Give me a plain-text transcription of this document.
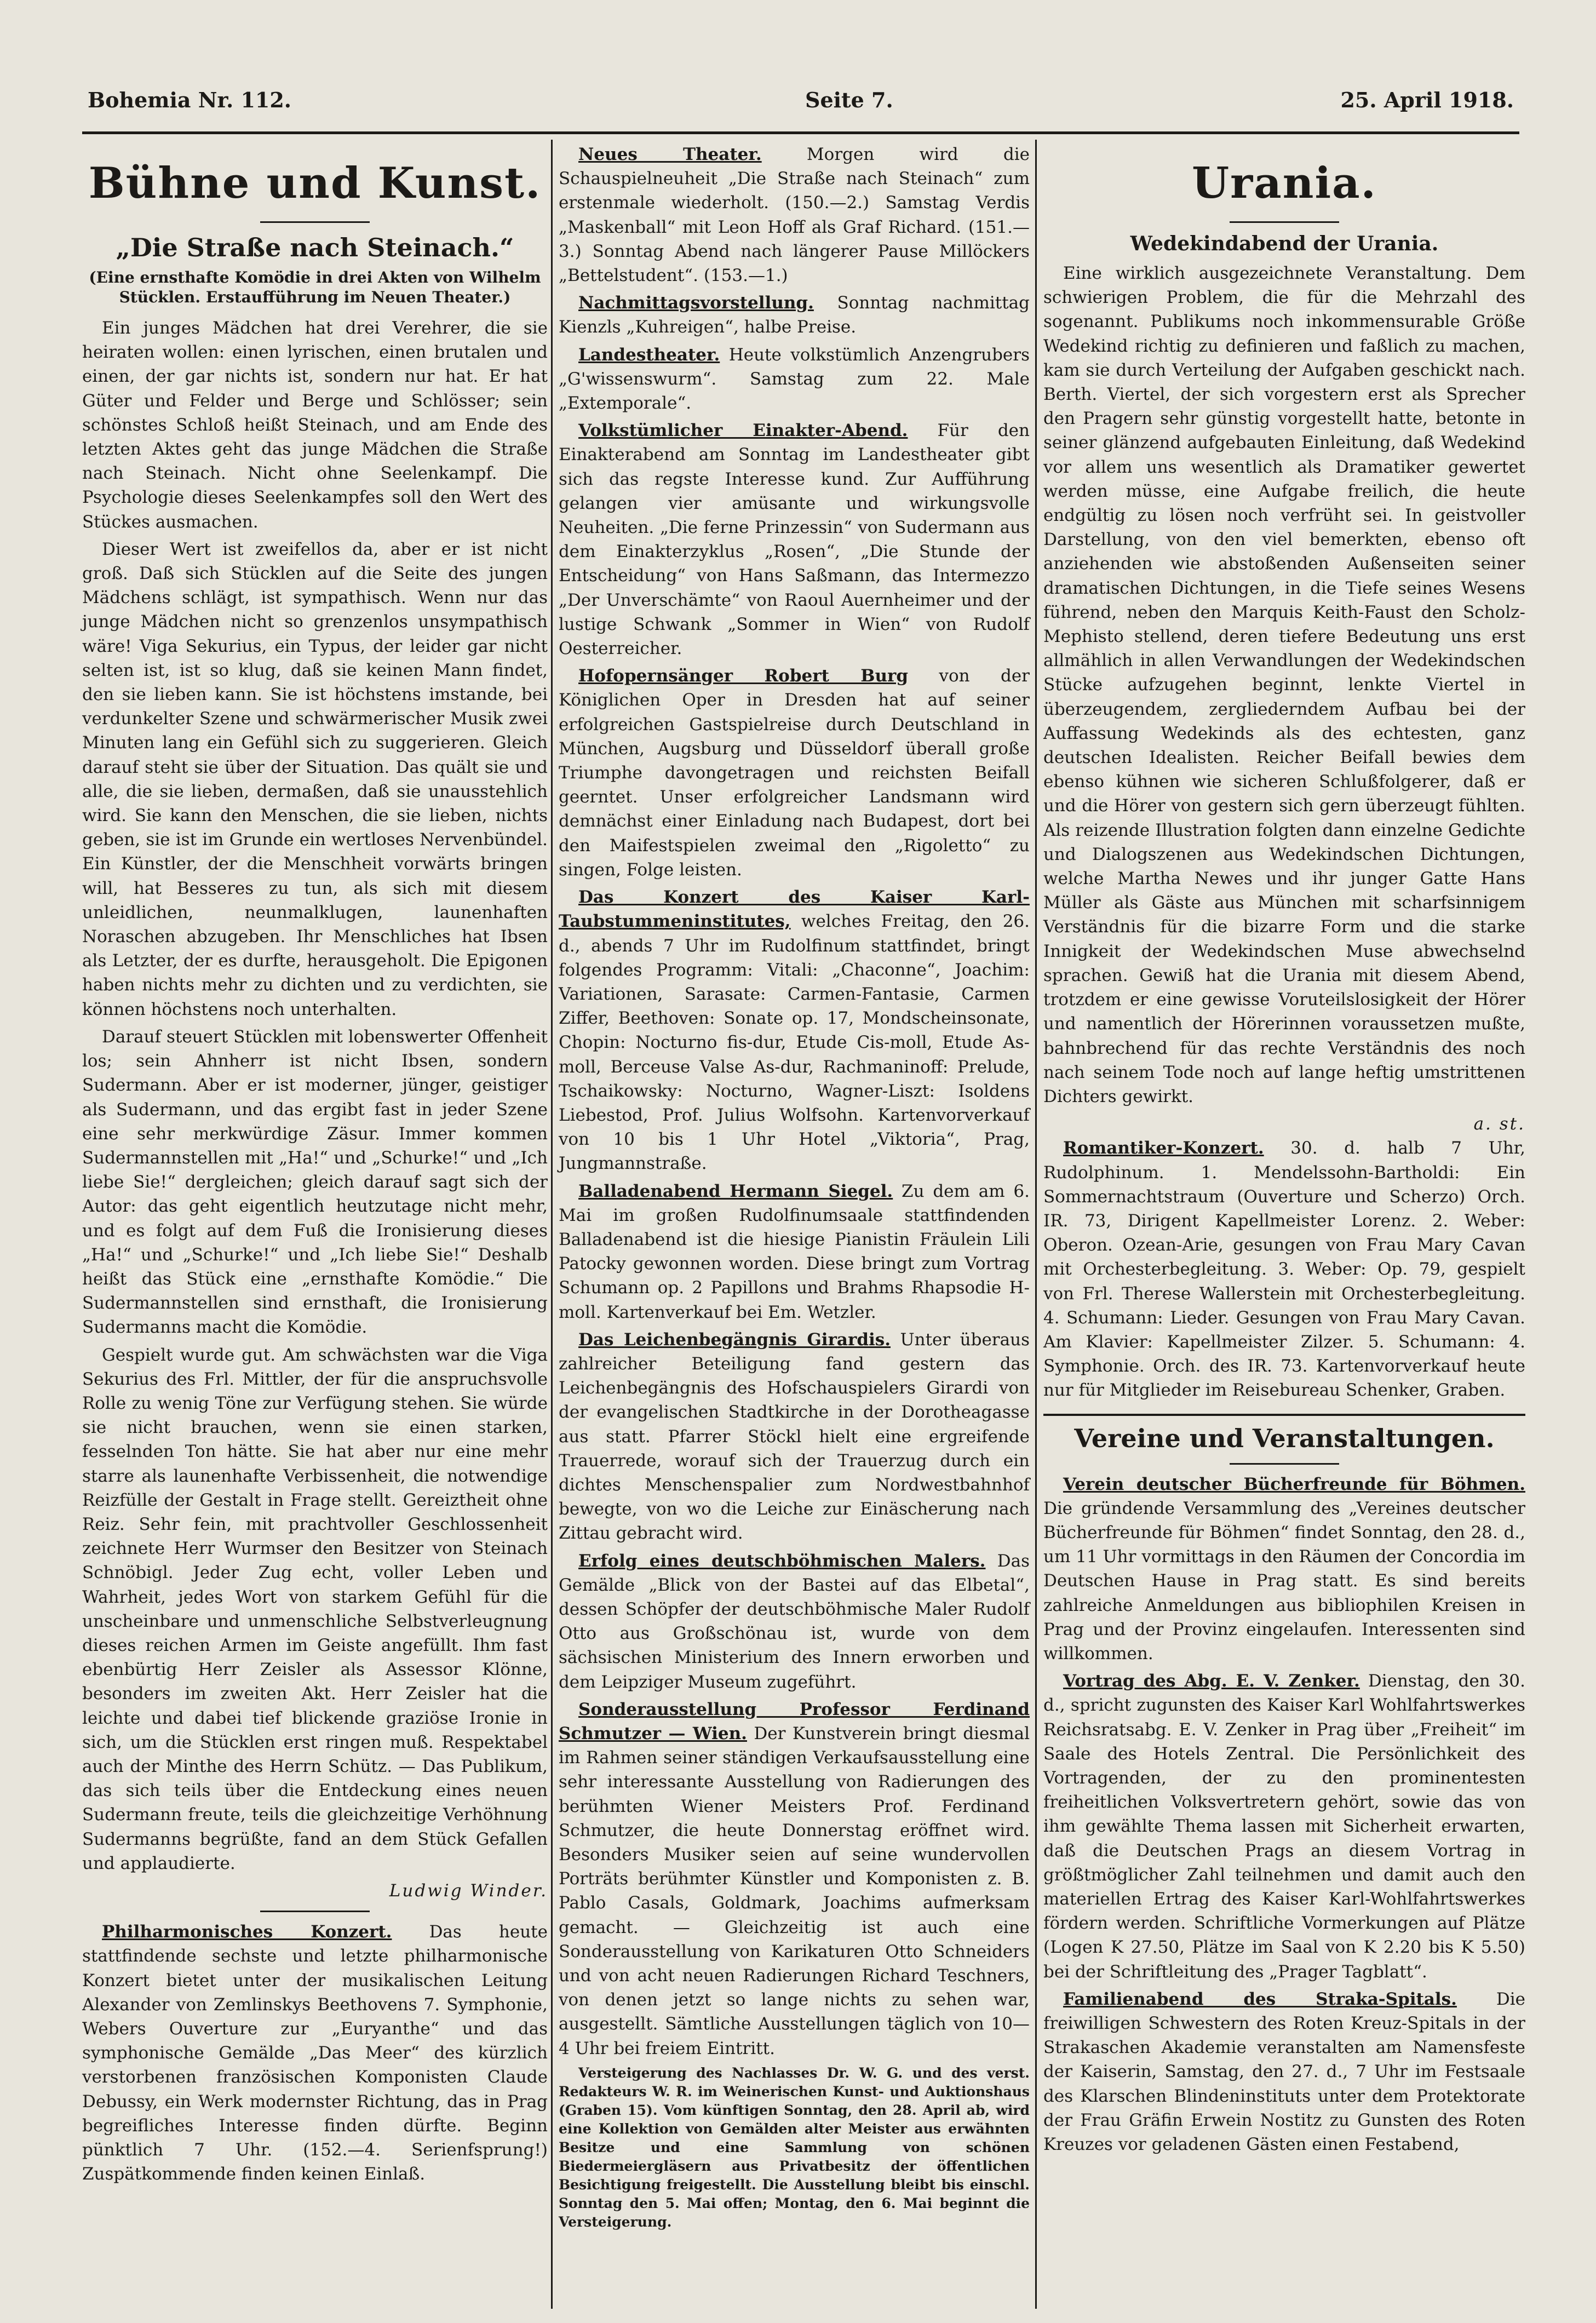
Bohemia Nr. 112.	Seite 7.	25. April 1918.
Bühne und Kunst.
„Die Straße nach Steinach.“
(Eine ernsthafte Komödie in drei Akten von Wilhelm Stücklen. Erstaufführung im Neuen Theater.)

Ein junges Mädchen hat drei Verehrer, die sie heiraten wollen: einen lyrischen, einen brutalen und einen, der gar nichts ist, sondern nur hat. Er hat Güter und Felder und Berge und Schlösser; sein schönstes Schloß heißt Steinach, und am Ende des letzten Aktes geht das junge Mädchen die Straße nach Steinach. Nicht ohne Seelenkampf. Die Psychologie dieses Seelenkampfes soll den Wert des Stückes ausmachen.

Dieser Wert ist zweifellos da, aber er ist nicht groß. Daß sich Stücklen auf die Seite des jungen Mädchens schlägt, ist sympathisch. Wenn nur das junge Mädchen nicht so grenzenlos unsympathisch wäre! Viga Sekurius, ein Typus, der leider gar nicht selten ist, ist so klug, daß sie keinen Mann findet, den sie lieben kann. Sie ist höchstens imstande, bei verdunkelter Szene und schwärmerischer Musik zwei Minuten lang ein Gefühl sich zu suggerieren. Gleich darauf steht sie über der Situation. Das quält sie und alle, die sie lieben, dermaßen, daß sie unausstehlich wird. Sie kann den Menschen, die sie lieben, nichts geben, sie ist im Grunde ein wertloses Nervenbündel. Ein Künstler, der die Menschheit vorwärts bringen will, hat Besseres zu tun, als sich mit diesem unleidlichen, neunmalklugen, launenhaften Noraschen abzugeben. Ihr Menschliches hat Ibsen als Letzter, der es durfte, herausgeholt. Die Epigonen haben nichts mehr zu dichten und zu verdichten, sie können höchstens noch unterhalten.

Darauf steuert Stücklen mit lobenswerter Offenheit los; sein Ahnherr ist nicht Ibsen, sondern Sudermann. Aber er ist moderner, jünger, geistiger als Sudermann, und das ergibt fast in jeder Szene eine sehr merkwürdige Zäsur. Immer kommen Sudermannstellen mit „Ha!“ und „Schurke!“ und „Ich liebe Sie!“ dergleichen; gleich darauf sagt sich der Autor: das geht eigentlich heutzutage nicht mehr, und es folgt auf dem Fuß die Ironisierung dieses „Ha!“ und „Schurke!“ und „Ich liebe Sie!“ Deshalb heißt das Stück eine „ernsthafte Komödie.“ Die Sudermannstellen sind ernsthaft, die Ironisierung Sudermanns macht die Komödie.

Gespielt wurde gut. Am schwächsten war die Viga Sekurius des Frl. Mittler, der für die anspruchsvolle Rolle zu wenig Töne zur Verfügung stehen. Sie würde sie nicht brauchen, wenn sie einen starken, fesselnden Ton hätte. Sie hat aber nur eine mehr starre als launenhafte Verbissenheit, die notwendige Reizfülle der Gestalt in Frage stellt. Gereiztheit ohne Reiz. Sehr fein, mit prachtvoller Geschlossenheit zeichnete Herr Wurmser den Besitzer von Steinach Schnöbigl. Jeder Zug echt, voller Leben und Wahrheit, jedes Wort von starkem Gefühl für die unscheinbare und unmenschliche Selbstverleugnung dieses reichen Armen im Geiste angefüllt. Ihm fast ebenbürtig Herr Zeisler als Assessor Klönne, besonders im zweiten Akt. Herr Zeisler hat die leichte und dabei tief blickende graziöse Ironie in sich, um die Stücklen erst ringen muß. Respektabel auch der Minthe des Herrn Schütz. — Das Publikum, das sich teils über die Entdeckung eines neuen Sudermann freute, teils die gleichzeitige Verhöhnung Sudermanns begrüßte, fand an dem Stück Gefallen und applaudierte.

Ludwig Winder.

Philharmonisches Konzert. Das heute stattfindende sechste und letzte philharmonische Konzert bietet unter der musikalischen Leitung Alexander von Zemlinskys Beethovens 7. Symphonie, Webers Ouverture zur „Euryanthe“ und das symphonische Gemälde „Das Meer“ des kürzlich verstorbenen französischen Komponisten Claude Debussy, ein Werk modernster Richtung, das in Prag begreifliches Interesse finden dürfte. Beginn pünktlich 7 Uhr. (152.—4. Serienfsprung!) Zuspätkommende finden keinen Einlaß.

Neues Theater. Morgen wird die Schauspielneuheit „Die Straße nach Steinach“ zum erstenmale wiederholt. (150.—2.) Samstag Verdis „Maskenball“ mit Leon Hoff als Graf Richard. (151.—3.) Sonntag Abend nach längerer Pause Millöckers „Bettelstudent“. (153.—1.)

Nachmittagsvorstellung. Sonntag nachmittag Kienzls „Kuhreigen“, halbe Preise.

Landestheater. Heute volkstümlich Anzengrubers „G'wissenswurm“. Samstag zum 22. Male „Extemporale“.

Volkstümlicher Einakter-Abend. Für den Einakterabend am Sonntag im Landestheater gibt sich das regste Interesse kund. Zur Aufführung gelangen vier amüsante und wirkungsvolle Neuheiten. „Die ferne Prinzessin“ von Sudermann aus dem Einakterzyklus „Rosen“, „Die Stunde der Entscheidung“ von Hans Saßmann, das Intermezzo „Der Unverschämte“ von Raoul Auernheimer und der lustige Schwank „Sommer in Wien“ von Rudolf Oesterreicher.

Hofopernsänger Robert Burg von der Königlichen Oper in Dresden hat auf seiner erfolgreichen Gastspielreise durch Deutschland in München, Augsburg und Düsseldorf überall große Triumphe davongetragen und reichsten Beifall geerntet. Unser erfolgreicher Landsmann wird demnächst einer Einladung nach Budapest, dort bei den Maifestspielen zweimal den „Rigoletto“ zu singen, Folge leisten.

Das Konzert des Kaiser Karl-Taubstummeninstitutes, welches Freitag, den 26. d., abends 7 Uhr im Rudolfinum stattfindet, bringt folgendes Programm: Vitali: „Chaconne“, Joachim: Variationen, Sarasate: Carmen-Fantasie, Carmen Ziffer, Beethoven: Sonate op. 17, Mondscheinsonate, Chopin: Nocturno fis-dur, Etude Cis-moll, Etude As-moll, Berceuse Valse As-dur, Rachmaninoff: Prelude, Tschaikowsky: Nocturno, Wagner-Liszt: Isoldens Liebestod, Prof. Julius Wolfsohn. Kartenvorverkauf von 10 bis 1 Uhr Hotel „Viktoria“, Prag, Jungmannstraße.

Balladenabend Hermann Siegel. Zu dem am 6. Mai im großen Rudolfinumsaale stattfindenden Balladenabend ist die hiesige Pianistin Fräulein Lili Patocky gewonnen worden. Diese bringt zum Vortrag Schumann op. 2 Papillons und Brahms Rhapsodie H-moll. Kartenverkauf bei Em. Wetzler.

Das Leichenbegängnis Girardis. Unter überaus zahlreicher Beteiligung fand gestern das Leichenbegängnis des Hofschauspielers Girardi von der evangelischen Stadtkirche in der Dorotheagasse aus statt. Pfarrer Stöckl hielt eine ergreifende Trauerrede, worauf sich der Trauerzug durch ein dichtes Menschenspalier zum Nordwestbahnhof bewegte, von wo die Leiche zur Einäscherung nach Zittau gebracht wird.

Erfolg eines deutschböhmischen Malers. Das Gemälde „Blick von der Bastei auf das Elbetal“, dessen Schöpfer der deutschböhmische Maler Rudolf Otto aus Großschönau ist, wurde von dem sächsischen Ministerium des Innern erworben und dem Leipziger Museum zugeführt.

Sonderausstellung Professor Ferdinand Schmutzer — Wien. Der Kunstverein bringt diesmal im Rahmen seiner ständigen Verkaufsausstellung eine sehr interessante Ausstellung von Radierungen des berühmten Wiener Meisters Prof. Ferdinand Schmutzer, die heute Donnerstag eröffnet wird. Besonders Musiker seien auf seine wundervollen Porträts berühmter Künstler und Komponisten z. B. Pablo Casals, Goldmark, Joachims aufmerksam gemacht. — Gleichzeitig ist auch eine Sonderausstellung von Karikaturen Otto Schneiders und von acht neuen Radierungen Richard Teschners, von denen jetzt so lange nichts zu sehen war, ausgestellt. Sämtliche Ausstellungen täglich von 10—4 Uhr bei freiem Eintritt.

Versteigerung des Nachlasses Dr. W. G. und des verst. Redakteurs W. R. im Weinerischen Kunst- und Auktionshaus (Graben 15). Vom künftigen Sonntag, den 28. April ab, wird eine Kollektion von Gemälden alter Meister aus erwähnten Besitze und eine Sammlung von schönen Biedermeiergläsern aus Privatbesitz der öffentlichen Besichtigung freigestellt. Die Ausstellung bleibt bis einschl. Sonntag den 5. Mai offen; Montag, den 6. Mai beginnt die Versteigerung.

Urania.
Wedekindabend der Urania.

Eine wirklich ausgezeichnete Veranstaltung. Dem schwierigen Problem, die für die Mehrzahl des sogenannt. Publikums noch inkommensurable Größe Wedekind richtig zu definieren und faßlich zu machen, kam sie durch Verteilung der Aufgaben geschickt nach. Berth. Viertel, der sich vorgestern erst als Sprecher den Pragern sehr günstig vorgestellt hatte, betonte in seiner glänzend aufgebauten Einleitung, daß Wedekind vor allem uns wesentlich als Dramatiker gewertet werden müsse, eine Aufgabe freilich, die heute endgültig zu lösen noch verfrüht sei. In geistvoller Darstellung, von den viel bemerkten, ebenso oft anziehenden wie abstoßenden Außenseiten seiner dramatischen Dichtungen, in die Tiefe seines Wesens führend, neben den Marquis Keith-Faust den Scholz-Mephisto stellend, deren tiefere Bedeutung uns erst allmählich in allen Verwandlungen der Wedekindschen Stücke aufzugehen beginnt, lenkte Viertel in überzeugendem, zergliederndem Aufbau bei der Auffassung Wedekinds als des echtesten, ganz deutschen Idealisten. Reicher Beifall bewies dem ebenso kühnen wie sicheren Schlußfolgerer, daß er und die Hörer von gestern sich gern überzeugt fühlten. Als reizende Illustration folgten dann einzelne Gedichte und Dialogszenen aus Wedekindschen Dichtungen, welche Martha Newes und ihr junger Gatte Hans Müller als Gäste aus München mit scharfsinnigem Verständnis für die bizarre Form und die starke Innigkeit der Wedekindschen Muse abwechselnd sprachen. Gewiß hat die Urania mit diesem Abend, trotzdem er eine gewisse Voruteilslosigkeit der Hörer und namentlich der Hörerinnen voraussetzen mußte, bahnbrechend für das rechte Verständnis des noch nach seinem Tode noch auf lange heftig umstrittenen Dichters gewirkt.

a. st.

Romantiker-Konzert. 30. d. halb 7 Uhr, Rudolphinum. 1. Mendelssohn-Bartholdi: Ein Sommernachtstraum (Ouverture und Scherzo) Orch. IR. 73, Dirigent Kapellmeister Lorenz. 2. Weber: Oberon. Ozean-Arie, gesungen von Frau Mary Cavan mit Orchesterbegleitung. 3. Weber: Op. 79, gespielt von Frl. Therese Wallerstein mit Orchesterbegleitung. 4. Schumann: Lieder. Gesungen von Frau Mary Cavan. Am Klavier: Kapellmeister Zilzer. 5. Schumann: 4. Symphonie. Orch. des IR. 73. Kartenvorverkauf heute nur für Mitglieder im Reisebureau Schenker, Graben.

Vereine und Veranstaltungen.

Verein deutscher Bücherfreunde für Böhmen. Die gründende Versammlung des „Vereines deutscher Bücherfreunde für Böhmen“ findet Sonntag, den 28. d., um 11 Uhr vormittags in den Räumen der Concordia im Deutschen Hause in Prag statt. Es sind bereits zahlreiche Anmeldungen aus bibliophilen Kreisen in Prag und der Provinz eingelaufen. Interessenten sind willkommen.

Vortrag des Abg. E. V. Zenker. Dienstag, den 30. d., spricht zugunsten des Kaiser Karl Wohlfahrtswerkes Reichsratsabg. E. V. Zenker in Prag über „Freiheit“ im Saale des Hotels Zentral. Die Persönlichkeit des Vortragenden, der zu den prominentesten freiheitlichen Volksvertretern gehört, sowie das von ihm gewählte Thema lassen mit Sicherheit erwarten, daß die Deutschen Prags an diesem Vortrag in größtmöglicher Zahl teilnehmen und damit auch den materiellen Ertrag des Kaiser Karl-Wohlfahrtswerkes fördern werden. Schriftliche Vormerkungen auf Plätze (Logen K 27.50, Plätze im Saal von K 2.20 bis K 5.50) bei der Schriftleitung des „Prager Tagblatt“.

Familienabend des Straka-Spitals. Die freiwilligen Schwestern des Roten Kreuz-Spitals in der Strakaschen Akademie veranstalten am Namensfeste der Kaiserin, Samstag, den 27. d., 7 Uhr im Festsaale des Klarschen Blindeninstituts unter dem Protektorate der Frau Gräfin Erwein Nostitz zu Gunsten des Roten Kreuzes vor geladenen Gästen einen Festabend,
